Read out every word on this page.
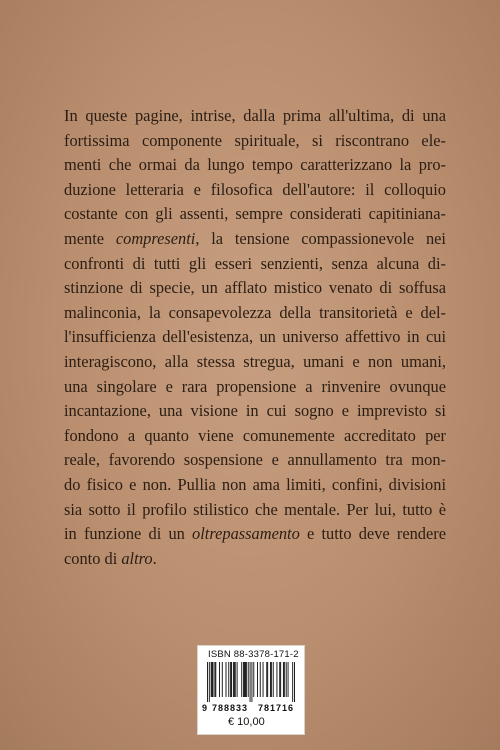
In queste pagine, intrise, dalla prima all'ultima, di una
fortissima componente spirituale, si riscontrano ele-
menti che ormai da lungo tempo caratterizzano la pro-
duzione letteraria e filosofica dell'autore: il colloquio
costante con gli assenti, sempre considerati capitiniana-
mente compresenti, la tensione compassionevole nei
confronti di tutti gli esseri senzienti, senza alcuna di-
stinzione di specie, un afflato mistico venato di soffusa
malinconia, la consapevolezza della transitorietà e del-
l'insufficienza dell'esistenza, un universo affettivo in cui
interagiscono, alla stessa stregua, umani e non umani,
una singolare e rara propensione a rinvenire ovunque
incantazione, una visione in cui sogno e imprevisto si
fondono a quanto viene comunemente accreditato per
reale, favorendo sospensione e annullamento tra mon-
do fisico e non. Pullia non ama limiti, confini, divisioni
sia sotto il profilo stilistico che mentale. Per lui, tutto è
in funzione di un oltrepassamento e tutto deve rendere
conto di altro.
ISBN 88-3378-171-2
9 788833 781716
€ 10,00
